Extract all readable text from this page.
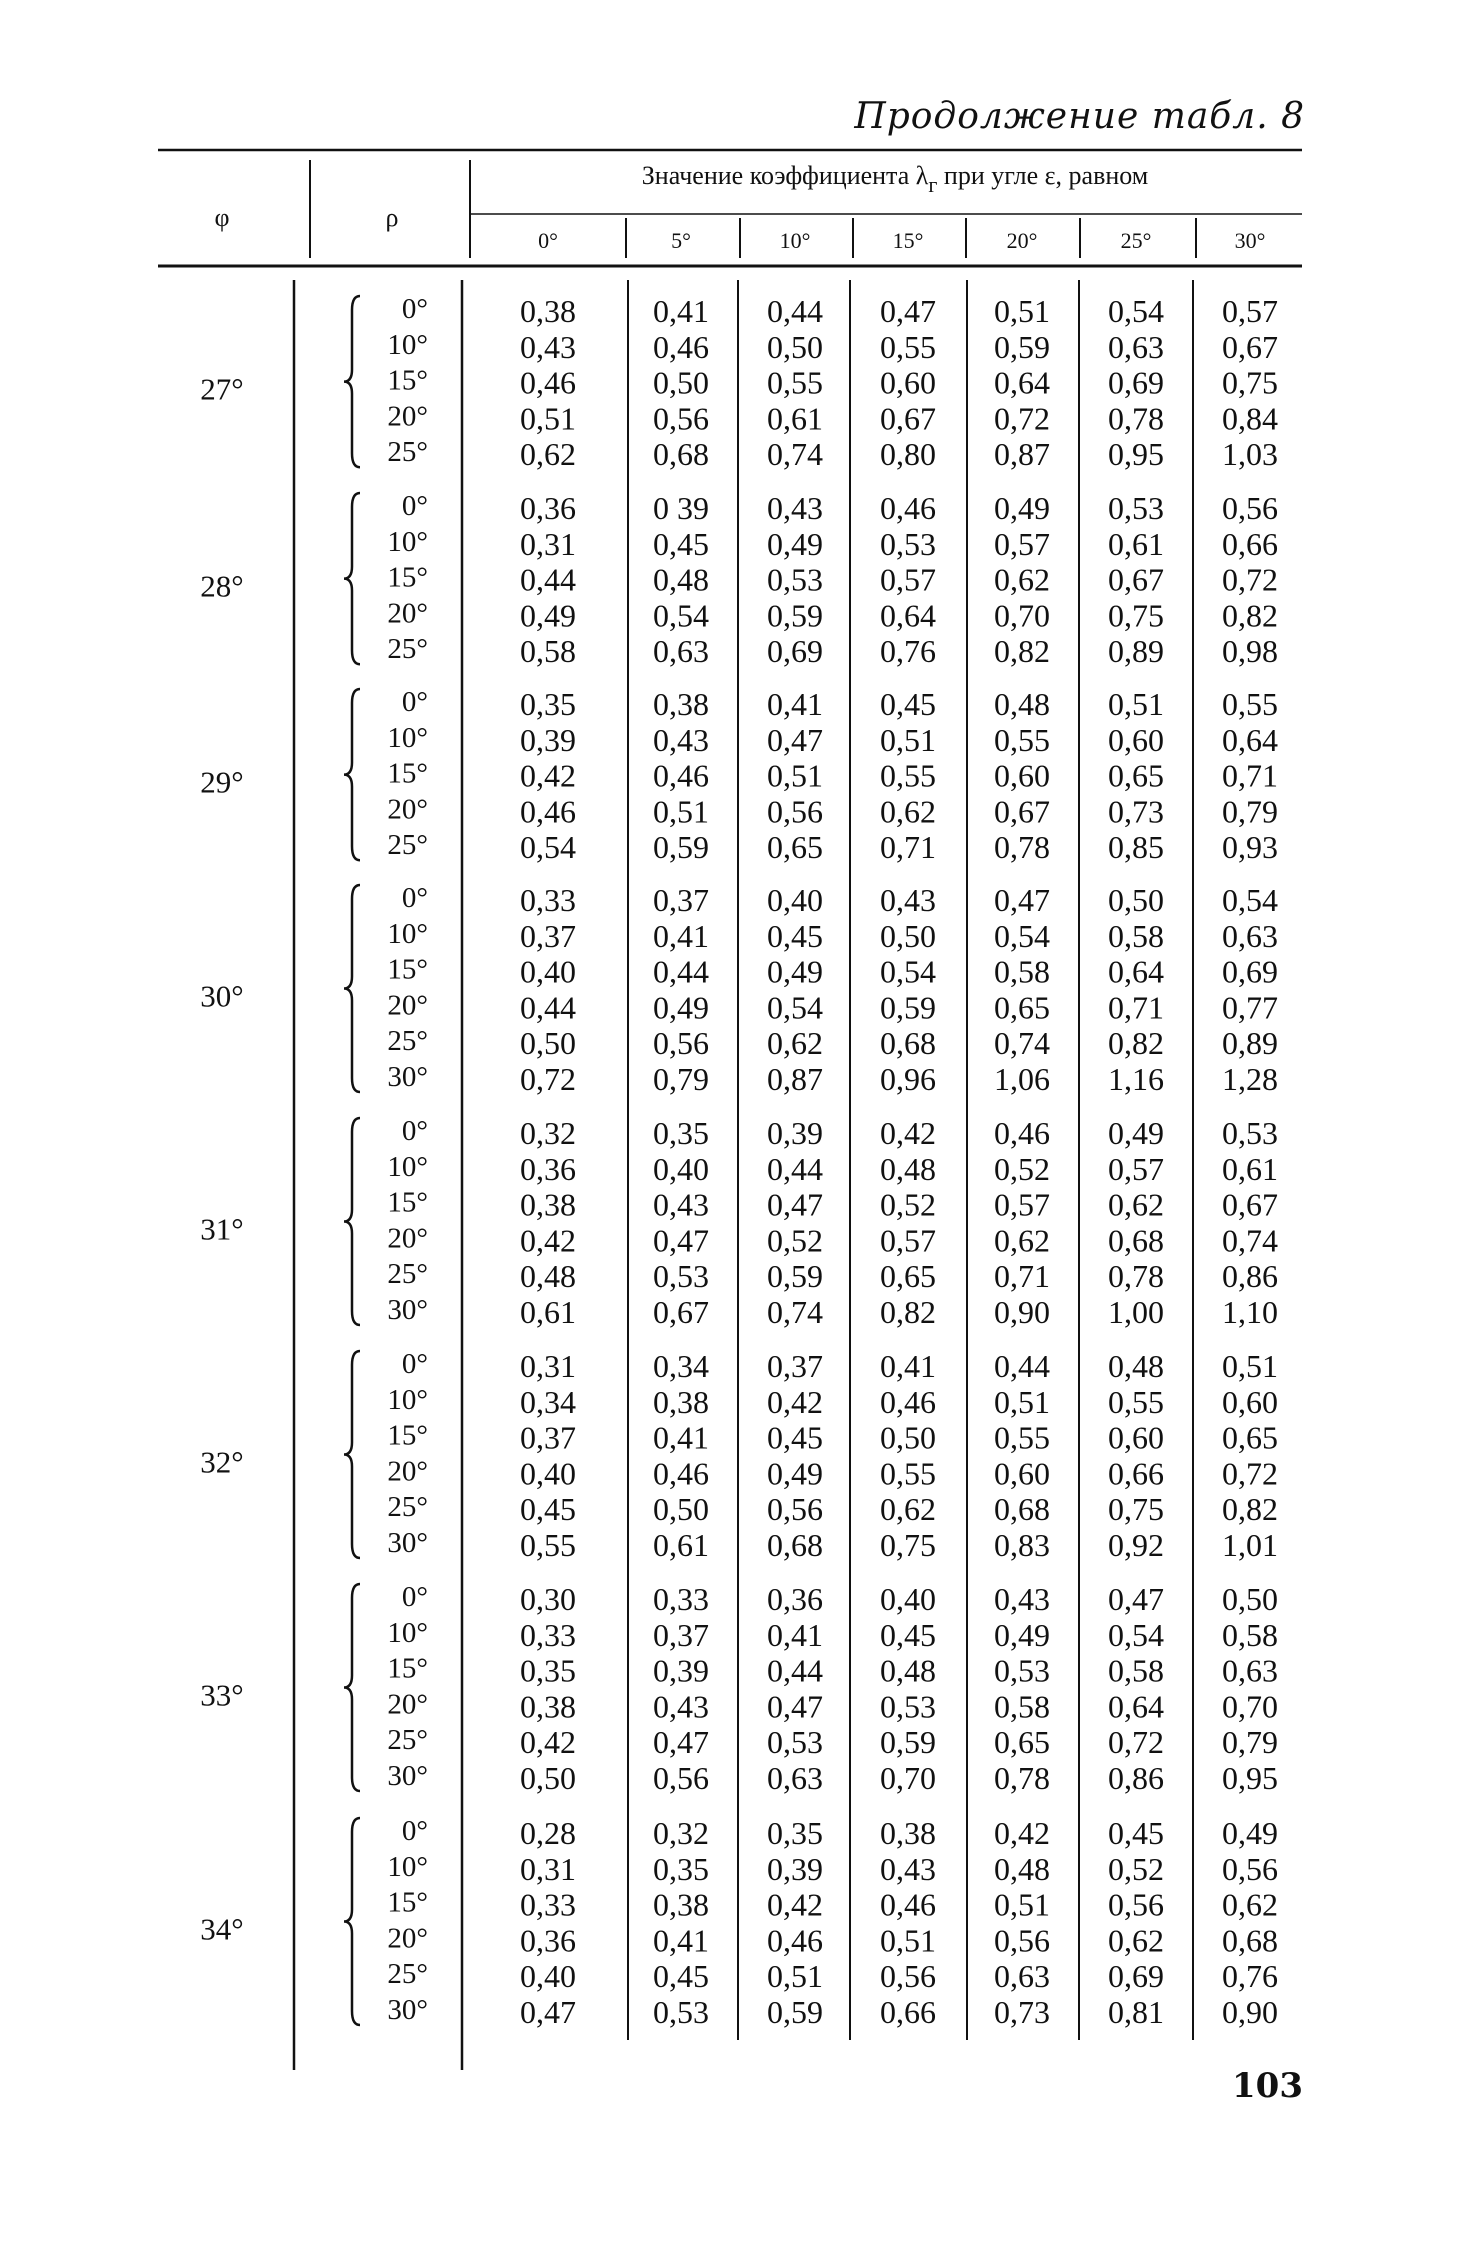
Продолжение табл. 8
φ	ρ
Значение коэффициента $\lambda_г$ при угле ε, равном
0°	5°	10°	15°	20°	25°	30°
27°
0°	0,38 0,41 0,44 0,47 0,51 0,54 0,57
10°	0,43 0,46 0,50 0,55 0,59 0,63 0,67
15°	0,46 0,50 0,55 0,60 0,64 0,69 0,75
20°	0,51 0,56 0,61 0,67 0,72 0,78 0,84
25°	0,62 0,68 0,74 0,80 0,87 0,95 1,03
28°
0°	0,36 0 39 0,43 0,46 0,49 0,53 0,56
10°	0,31 0,45 0,49 0,53 0,57 0,61 0,66
15°	0,44 0,48 0,53 0,57 0,62 0,67 0,72
20°	0,49 0,54 0,59 0,64 0,70 0,75 0,82
25°	0,58 0,63 0,69 0,76 0,82 0,89 0,98
29°
0°	0,35 0,38 0,41 0,45 0,48 0,51 0,55
10°	0,39 0,43 0,47 0,51 0,55 0,60 0,64
15°	0,42 0,46 0,51 0,55 0,60 0,65 0,71
20°	0,46 0,51 0,56 0,62 0,67 0,73 0,79
25°	0,54 0,59 0,65 0,71 0,78 0,85 0,93
30°
0°	0,33 0,37 0,40 0,43 0,47 0,50 0,54
10°	0,37 0,41 0,45 0,50 0,54 0,58 0,63
15°	0,40 0,44 0,49 0,54 0,58 0,64 0,69
20°	0,44 0,49 0,54 0,59 0,65 0,71 0,77
25°	0,50 0,56 0,62 0,68 0,74 0,82 0,89
30°	0,72 0,79 0,87 0,96 1,06 1,16 1,28
31°
0°	0,32 0,35 0,39 0,42 0,46 0,49 0,53
10°	0,36 0,40 0,44 0,48 0,52 0,57 0,61
15°	0,38 0,43 0,47 0,52 0,57 0,62 0,67
20°	0,42 0,47 0,52 0,57 0,62 0,68 0,74
25°	0,48 0,53 0,59 0,65 0,71 0,78 0,86
30°	0,61 0,67 0,74 0,82 0,90 1,00 1,10
32°
0°	0,31 0,34 0,37 0,41 0,44 0,48 0,51
10°	0,34 0,38 0,42 0,46 0,51 0,55 0,60
15°	0,37 0,41 0,45 0,50 0,55 0,60 0,65
20°	0,40 0,46 0,49 0,55 0,60 0,66 0,72
25°	0,45 0,50 0,56 0,62 0,68 0,75 0,82
30°	0,55 0,61 0,68 0,75 0,83 0,92 1,01
33°
0°	0,30 0,33 0,36 0,40 0,43 0,47 0,50
10°	0,33 0,37 0,41 0,45 0,49 0,54 0,58
15°	0,35 0,39 0,44 0,48 0,53 0,58 0,63
20°	0,38 0,43 0,47 0,53 0,58 0,64 0,70
25°	0,42 0,47 0,53 0,59 0,65 0,72 0,79
30°	0,50 0,56 0,63 0,70 0,78 0,86 0,95
34°
0°	0,28 0,32 0,35 0,38 0,42 0,45 0,49
10°	0,31 0,35 0,39 0,43 0,48 0,52 0,56
15°	0,33 0,38 0,42 0,46 0,51 0,56 0,62
20°	0,36 0,41 0,46 0,51 0,56 0,62 0,68
25°	0,40 0,45 0,51 0,56 0,63 0,69 0,76
30°	0,47 0,53 0,59 0,66 0,73 0,81 0,90
103
